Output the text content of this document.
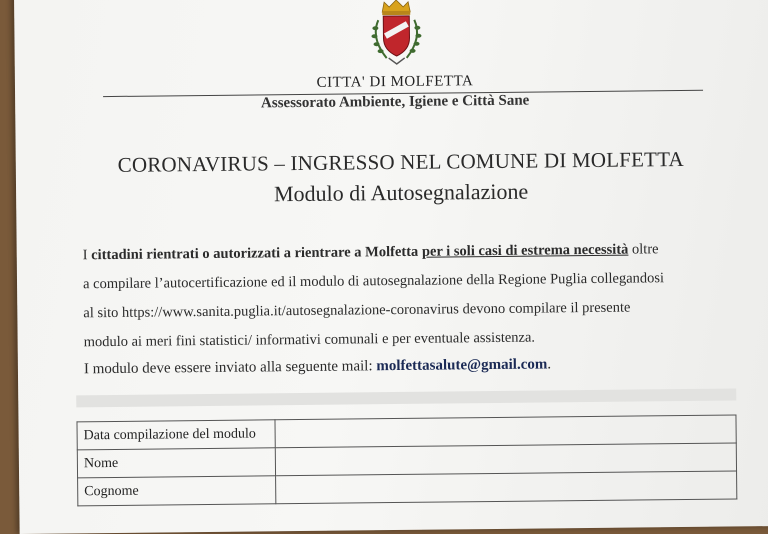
CITTA' DI MOLFETTA
Assessorato Ambiente, Igiene e Città Sane
CORONAVIRUS – INGRESSO NEL COMUNE DI MOLFETTA
Modulo di Autosegnalazione

I cittadini rientrati o autorizzati a rientrare a Molfetta per i soli casi di estrema necessità oltre

a compilare l’autocertificazione ed il modulo di autosegnalazione della Regione Puglia collegandosi

al sito https://www.sanita.puglia.it/autosegnalazione-coronavirus devono compilare il presente

modulo ai meri fini statistici/ informativi comunali e per eventuale assistenza.

I modulo deve essere inviato alla seguente mail: molfettasalute@gmail.com.
Data compilazione del modulo	
Nome	
Cognome	
